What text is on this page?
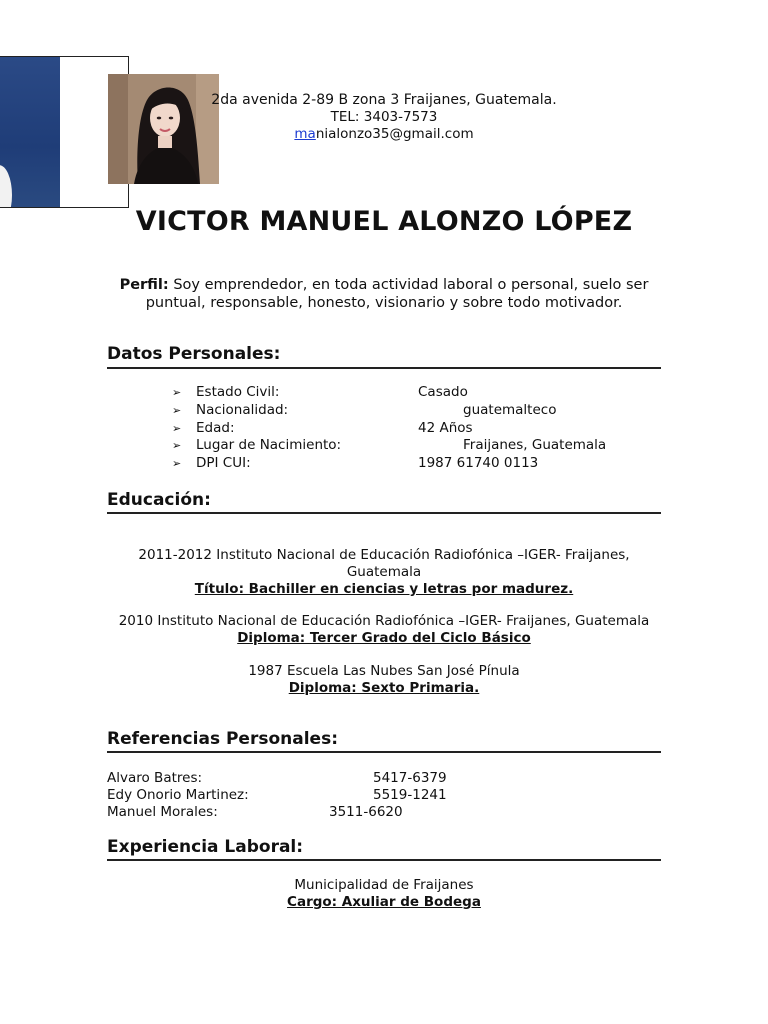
2da avenida 2-89 B zona 3 Fraijanes, Guatemala.
TEL: 3403-7573
manialonzo35@gmail.com
VICTOR MANUEL ALONZO LÓPEZ
Perfil: Soy emprendedor, en toda actividad laboral o personal, suelo ser puntual, responsable, honesto, visionario y sobre todo motivador.
Datos Personales:
➢ Estado Civil:	Casado
➢ Nacionalidad:	guatemalteco
➢ Edad:	42 Años
➢ Lugar de Nacimiento:	Fraijanes, Guatemala
➢ DPI CUI:	1987 61740 0113
Educación:
2011-2012 Instituto Nacional de Educación Radiofónica –IGER- Fraijanes,
Guatemala
Título: Bachiller en ciencias y letras por madurez.
2010 Instituto Nacional de Educación Radiofónica –IGER- Fraijanes, Guatemala
Diploma: Tercer Grado del Ciclo Básico
1987 Escuela Las Nubes San José Pínula
Diploma: Sexto Primaria.
Referencias Personales:
Alvaro Batres:	5417-6379
Edy Onorio Martinez:	5519-1241
Manuel Morales:	3511-6620
Experiencia Laboral:
Municipalidad de Fraijanes
Cargo: Axuliar de Bodega
